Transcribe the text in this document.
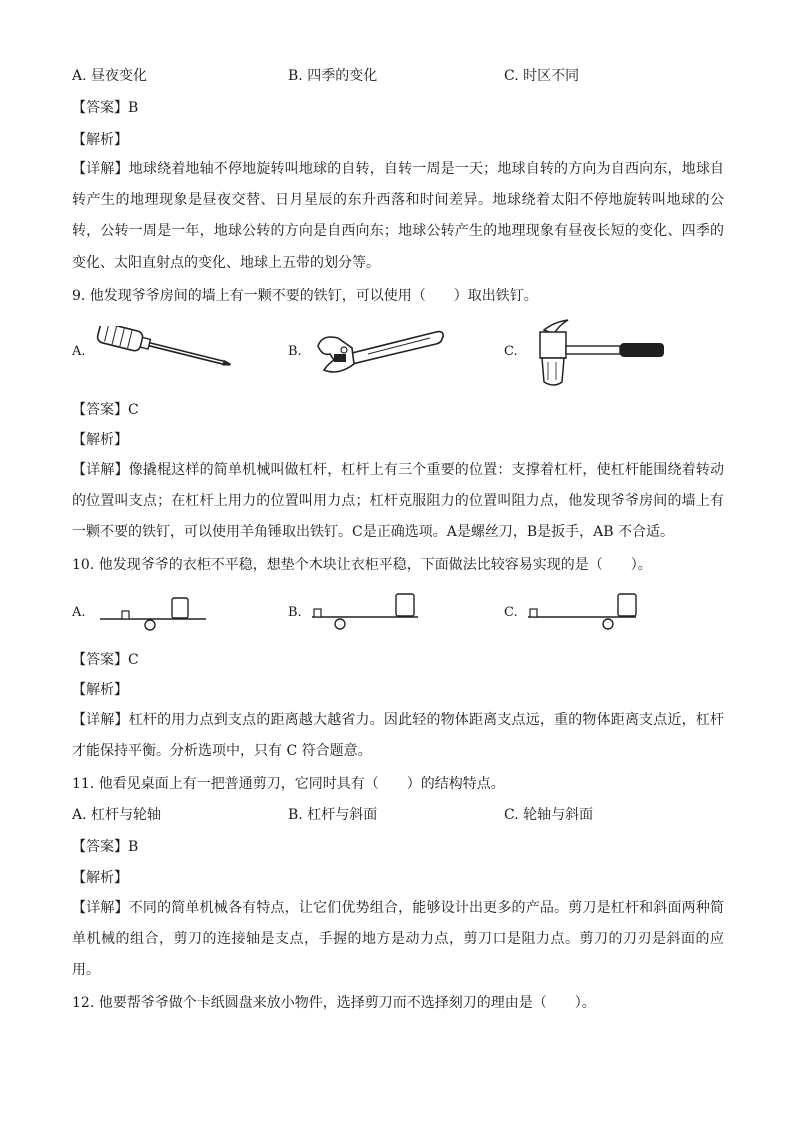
A. 昼夜变化	B. 四季的变化	C. 时区不同
【答案】B
【解析】
【详解】地球绕着地轴不停地旋转叫地球的自转，自转一周是一天；地球自转的方向为自西向东，地球自转产生的地理现象是昼夜交替、日月星辰的东升西落和时间差异。地球绕着太阳不停地旋转叫地球的公转，公转一周是一年，地球公转的方向是自西向东；地球公转产生的地理现象有昼夜长短的变化、四季的变化、太阳直射点的变化、地球上五带的划分等。
9. 他发现爷爷房间的墙上有一颗不要的铁钉，可以使用（　　）取出铁钉。
A.	B.	C.
【答案】C
【解析】
【详解】像撬棍这样的简单机械叫做杠杆，杠杆上有三个重要的位置：支撑着杠杆，使杠杆能围绕着转动的位置叫支点；在杠杆上用力的位置叫用力点；杠杆克服阻力的位置叫阻力点，他发现爷爷房间的墙上有一颗不要的铁钉，可以使用羊角锤取出铁钉。C是正确选项。A是螺丝刀，B是扳手，AB 不合适。
10. 他发现爷爷的衣柜不平稳，想垫个木块让衣柜平稳，下面做法比较容易实现的是（　　）。
A.	B.	C.
【答案】C
【解析】
【详解】杠杆的用力点到支点的距离越大越省力。因此轻的物体距离支点远，重的物体距离支点近，杠杆才能保持平衡。分析选项中，只有 C 符合题意。
11. 他看见桌面上有一把普通剪刀，它同时具有（　　）的结构特点。
A. 杠杆与轮轴	B. 杠杆与斜面	C. 轮轴与斜面
【答案】B
【解析】
【详解】不同的简单机械各有特点，让它们优势组合，能够设计出更多的产品。剪刀是杠杆和斜面两种简单机械的组合，剪刀的连接轴是支点，手握的地方是动力点，剪刀口是阻力点。剪刀的刀刃是斜面的应用。
12. 他要帮爷爷做个卡纸圆盘来放小物件，选择剪刀而不选择刻刀的理由是（　　）。
